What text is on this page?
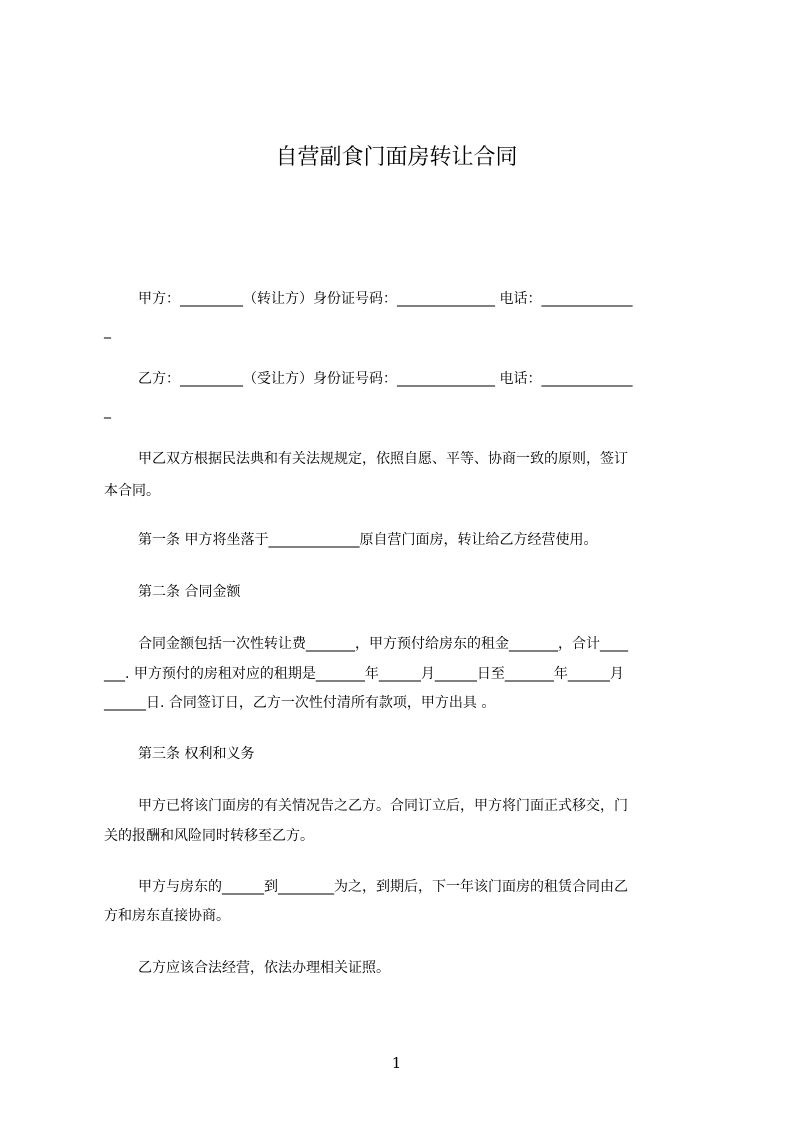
自营副食门面房转让合同
甲方：_________（转让方）身份证号码：______________ 电话：_____________
_
乙方：_________（受让方）身份证号码：______________ 电话：_____________
_
甲乙双方根据民法典和有关法规规定，依照自愿、平等、协商一致的原则，签订
本合同。
第一条 甲方将坐落于_____________原自营门面房，转让给乙方经营使用。
第二条 合同金额
合同金额包括一次性转让费_______，甲方预付给房东的租金_______，合计____
___. 甲方预付的房租对应的租期是_______年______月______日至_______年______月
______日. 合同签订日，乙方一次性付清所有款项，甲方出具 。
第三条 权利和义务
甲方已将该门面房的有关情况告之乙方。合同订立后，甲方将门面正式移交，门
关的报酬和风险同时转移至乙方。
甲方与房东的______到________为之，到期后，下一年该门面房的租赁合同由乙
方和房东直接协商。
乙方应该合法经营，依法办理相关证照。
1
